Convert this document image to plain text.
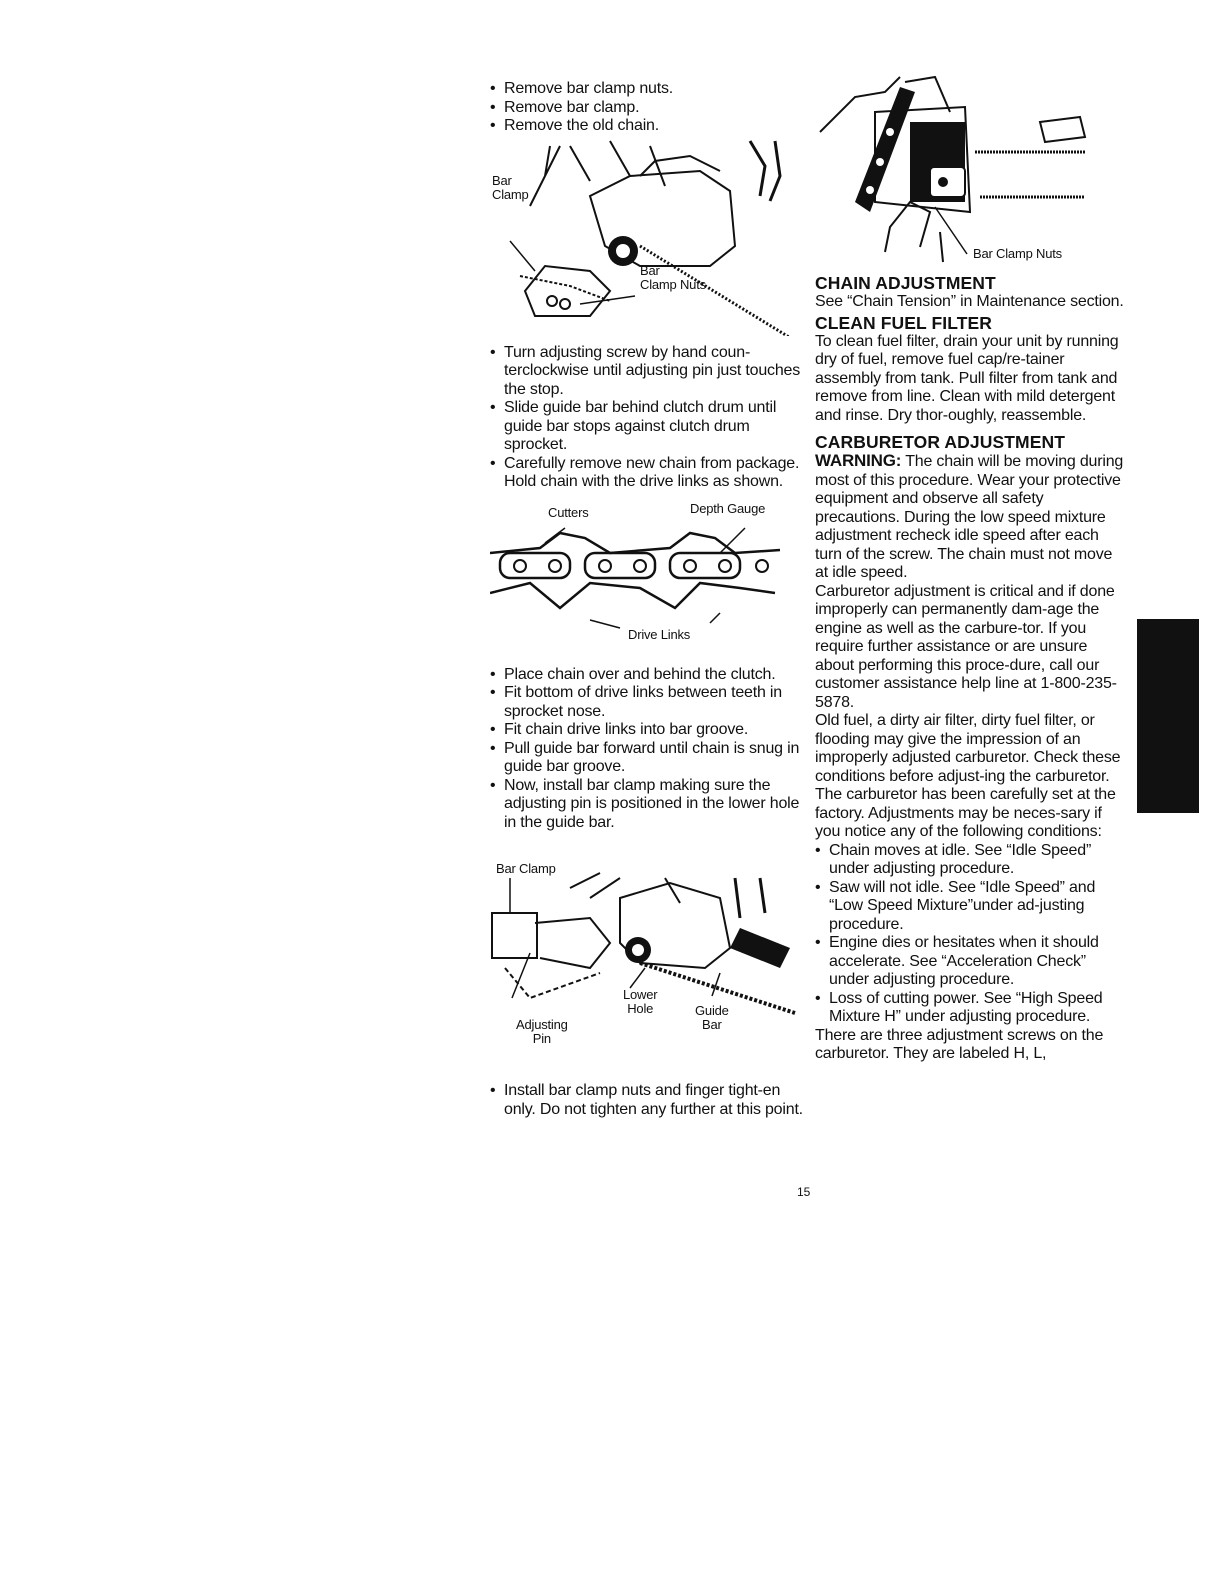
• Remove bar clamp nuts.
• Remove bar clamp.
• Remove the old chain.
Bar
Clamp
Bar
Clamp Nuts
• Turn adjusting screw by hand coun-terclockwise until adjusting pin just touches the stop.
• Slide guide bar behind clutch drum until guide bar stops against clutch drum sprocket.
• Carefully remove new chain from package. Hold chain with the drive links as shown.
Cutters	Depth Gauge
Drive Links
• Place chain over and behind the clutch.
• Fit bottom of drive links between teeth in sprocket nose.
• Fit chain drive links into bar groove.
• Pull guide bar forward until chain is snug in guide bar groove.
• Now, install bar clamp making sure the adjusting pin is positioned in the lower hole in the guide bar.
Bar Clamp
Lower
Hole	Guide
Bar
Adjusting
Pin
• Install bar clamp nuts and finger tight-en only. Do not tighten any further at this point.
Bar Clamp Nuts
CHAIN ADJUSTMENT

See “Chain Tension” in Maintenance section.

CLEAN FUEL FILTER

To clean fuel filter, drain your unit by running dry of fuel, remove fuel cap/re-tainer assembly from tank. Pull filter from tank and remove from line. Clean with mild detergent and rinse. Dry thor-oughly, reassemble.

CARBURETOR ADJUSTMENT

WARNING: The chain will be moving during most of this procedure. Wear your protective equipment and observe all safety precautions. During the low speed mixture adjustment recheck idle speed after each turn of the screw. The chain must not move at idle speed.

Carburetor adjustment is critical and if done improperly can permanently dam-age the engine as well as the carbure-tor. If you require further assistance or are unsure about performing this proce-dure, call our customer assistance help line at 1-800-235-5878.

Old fuel, a dirty air filter, dirty fuel filter, or flooding may give the impression of an improperly adjusted carburetor. Check these conditions before adjust-ing the carburetor.

The carburetor has been carefully set at the factory. Adjustments may be neces-sary if you notice any of the following conditions:

• Chain moves at idle. See “Idle Speed” under adjusting procedure.
• Saw will not idle. See “Idle Speed” and “Low Speed Mixture”under ad-justing procedure.
• Engine dies or hesitates when it should accelerate. See “Acceleration Check” under adjusting procedure.
• Loss of cutting power. See “High Speed Mixture H” under adjusting procedure.

There are three adjustment screws on the carburetor. They are labeled H, L,

15
